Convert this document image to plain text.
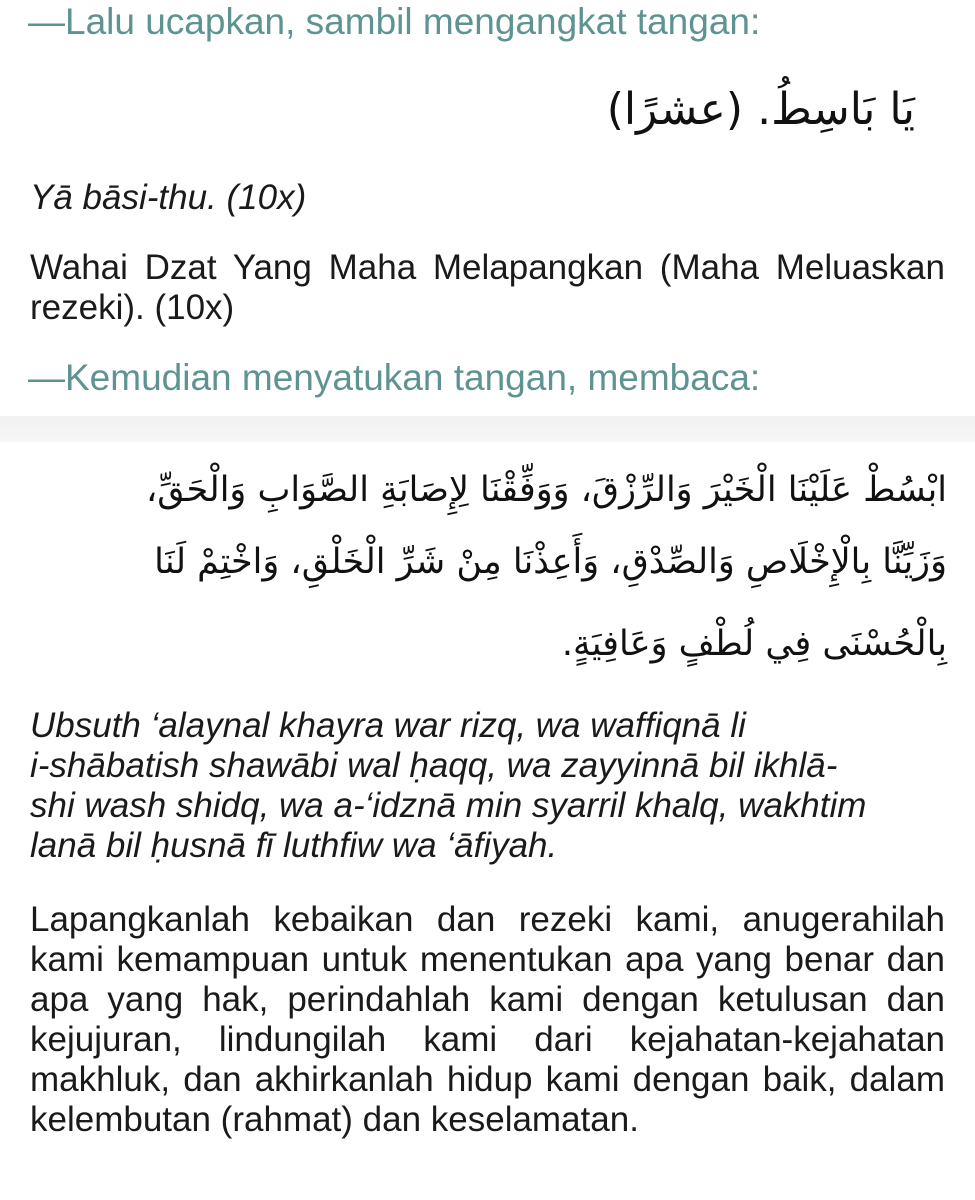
—Lalu ucapkan, sambil mengangkat tangan:
يَا بَاسِطُ. (عشرًا)
Yā bāsi-thu. (10x)
Wahai Dzat Yang Maha Melapangkan (Maha Meluaskan rezeki). (10x)
—Kemudian menyatukan tangan, membaca:
ابْسُطْ عَلَيْنَا الْخَيْرَ وَالرِّزْقَ، وَوَفِّقْنَا لِإِصَابَةِ الصَّوَابِ وَالْحَقِّ،
وَزَيِّنَّا بِالْإِخْلَاصِ وَالصِّدْقِ، وَأَعِذْنَا مِنْ شَرِّ الْخَلْقِ، وَاخْتِمْ لَنَا
بِالْحُسْنَى فِي لُطْفٍ وَعَافِيَةٍ.
Ubsuth ‘alaynal khayra war rizq, wa waffiqnā li
i-shābatish shawābi wal ḥaqq, wa zayyinnā bil ikhlā-
shi wash shidq, wa a-‘idznā min syarril khalq, wakhtim
lanā bil ḥusnā fī luthfiw wa ‘āfiyah.
Lapangkanlah kebaikan dan rezeki kami, anugerahilah kami kemampuan untuk menentukan apa yang benar dan apa yang hak, perindahlah kami dengan ketulusan dan kejujuran, lindungilah kami dari kejahatan-kejahatan makhluk, dan akhirkanlah hidup kami dengan baik, dalam kelembutan (rahmat) dan keselamatan.
